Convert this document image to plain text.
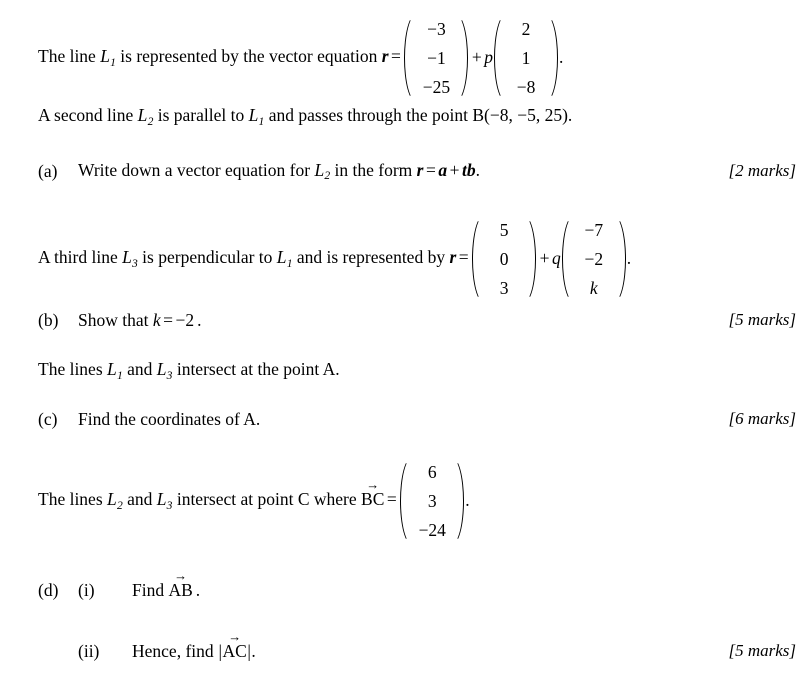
The line $L_1$ is represented by the vector equation r =
−3
−1
−25
+ p
2
1
−8
.
A second line $L_2$ is parallel to $L_1$ and passes through the point B(−8, −5, 25).
(a) Write down a vector equation for $L_2$ in the form r = a + tb.	[2 marks]
A third line $L_3$ is perpendicular to $L_1$ and is represented by r =
5
0
3
+ q
−7
−2
k
.
(b) Show that k = −2 .	[5 marks]
The lines $L_1$ and $L_3$ intersect at the point A.
(c) Find the coordinates of A.	[6 marks]
The lines $L_2$ and $L_3$ intersect at point C where
→
BC =
6
3
−24
.
(d) (i) Find
→
AB .
(ii) Hence, find |
→
AC|.	[5 marks]
